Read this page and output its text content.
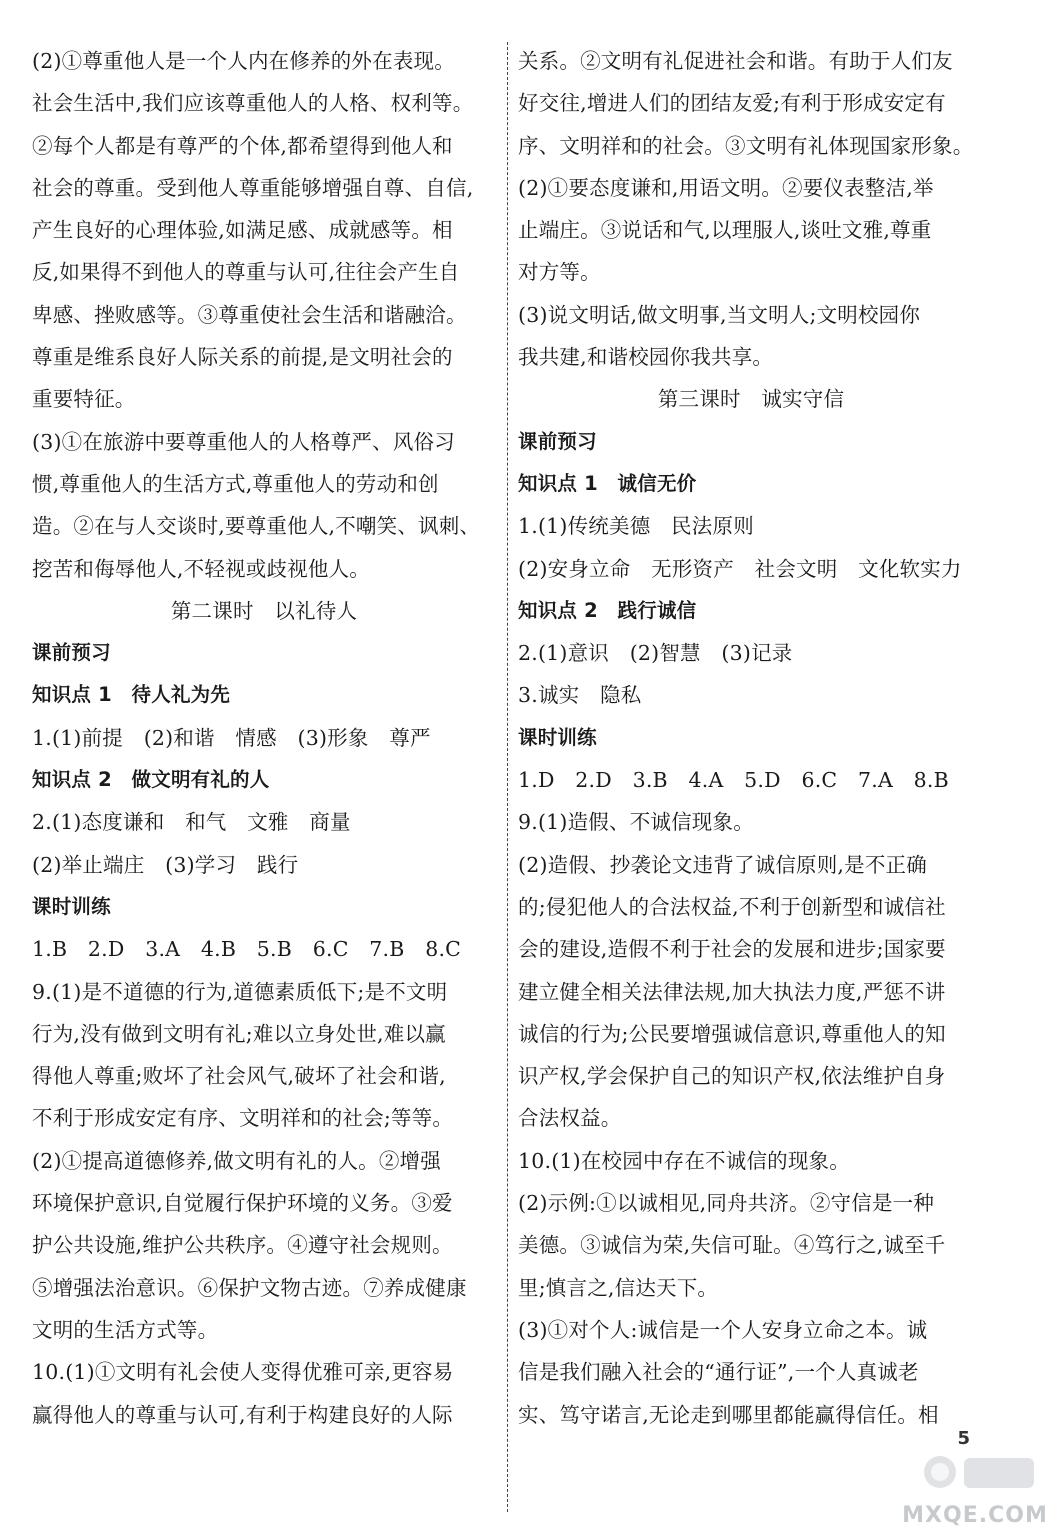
(2)①尊重他人是一个人内在修养的外在表现。
社会生活中,我们应该尊重他人的人格、权利等。
②每个人都是有尊严的个体,都希望得到他人和
社会的尊重。受到他人尊重能够增强自尊、自信,
产生良好的心理体验,如满足感、成就感等。相
反,如果得不到他人的尊重与认可,往往会产生自
卑感、挫败感等。③尊重使社会生活和谐融洽。
尊重是维系良好人际关系的前提,是文明社会的
重要特征。
(3)①在旅游中要尊重他人的人格尊严、风俗习
惯,尊重他人的生活方式,尊重他人的劳动和创
造。②在与人交谈时,要尊重他人,不嘲笑、讽刺、
挖苦和侮辱他人,不轻视或歧视他人。
第二课时　以礼待人
课前预习
知识点 1　待人礼为先
1.(1)前提　(2)和谐　情感　(3)形象　尊严
知识点 2　做文明有礼的人
2.(1)态度谦和　和气　文雅　商量
(2)举止端庄　(3)学习　践行
课时训练
1.B　2.D　3.A　4.B　5.B　6.C　7.B　8.C
9.(1)是不道德的行为,道德素质低下;是不文明
行为,没有做到文明有礼;难以立身处世,难以赢
得他人尊重;败坏了社会风气,破坏了社会和谐,
不利于形成安定有序、文明祥和的社会;等等。
(2)①提高道德修养,做文明有礼的人。②增强
环境保护意识,自觉履行保护环境的义务。③爱
护公共设施,维护公共秩序。④遵守社会规则。
⑤增强法治意识。⑥保护文物古迹。⑦养成健康
文明的生活方式等。
10.(1)①文明有礼会使人变得优雅可亲,更容易
赢得他人的尊重与认可,有利于构建良好的人际
关系。②文明有礼促进社会和谐。有助于人们友
好交往,增进人们的团结友爱;有利于形成安定有
序、文明祥和的社会。③文明有礼体现国家形象。
(2)①要态度谦和,用语文明。②要仪表整洁,举
止端庄。③说话和气,以理服人,谈吐文雅,尊重
对方等。
(3)说文明话,做文明事,当文明人;文明校园你
我共建,和谐校园你我共享。
第三课时　诚实守信
课前预习
知识点 1　诚信无价
1.(1)传统美德　民法原则
(2)安身立命　无形资产　社会文明　文化软实力
知识点 2　践行诚信
2.(1)意识　(2)智慧　(3)记录
3.诚实　隐私
课时训练
1.D　2.D　3.B　4.A　5.D　6.C　7.A　8.B
9.(1)造假、不诚信现象。
(2)造假、抄袭论文违背了诚信原则,是不正确
的;侵犯他人的合法权益,不利于创新型和诚信社
会的建设,造假不利于社会的发展和进步;国家要
建立健全相关法律法规,加大执法力度,严惩不讲
诚信的行为;公民要增强诚信意识,尊重他人的知
识产权,学会保护自己的知识产权,依法维护自身
合法权益。
10.(1)在校园中存在不诚信的现象。
(2)示例:①以诚相见,同舟共济。②守信是一种
美德。③诚信为荣,失信可耻。④笃行之,诚至千
里;慎言之,信达天下。
(3)①对个人:诚信是一个人安身立命之本。诚
信是我们融入社会的“通行证”,一个人真诚老
实、笃守诺言,无论走到哪里都能赢得信任。相
5
MXQE.COM
